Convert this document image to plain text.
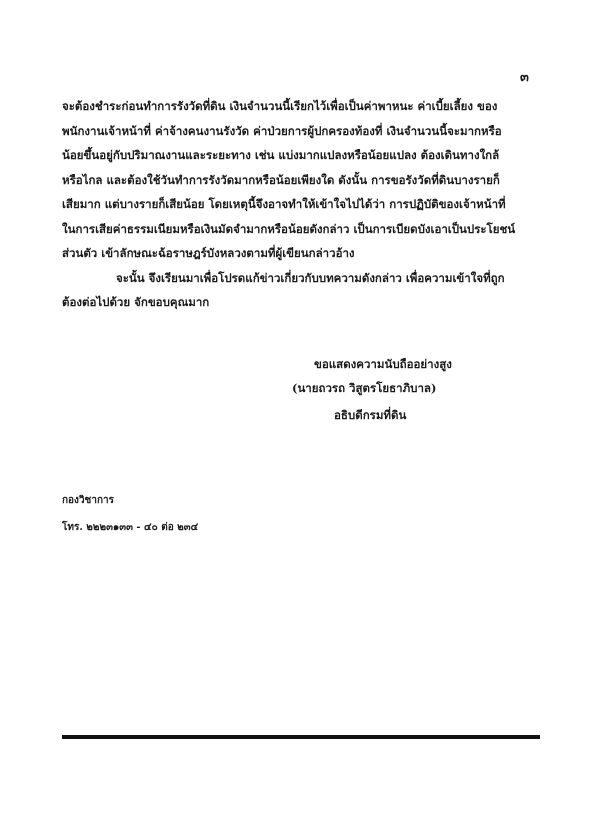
๓
จะต้องชำระก่อนทำการรังวัดที่ดิน เงินจำนวนนี้เรียกไว้เพื่อเป็นค่าพาหนะ ค่าเบี้ยเลี้ยง ของ
พนักงานเจ้าหน้าที่ ค่าจ้างคนงานรังวัด ค่าป่วยการผู้ปกครองท้องที่ เงินจำนวนนี้จะมากหรือ
น้อยขึ้นอยู่กับปริมาณงานและระยะทาง เช่น แบ่งมากแปลงหรือน้อยแปลง ต้องเดินทางใกล้
หรือไกล และต้องใช้วันทำการรังวัดมากหรือน้อยเพียงใด ดังนั้น การขอรังวัดที่ดินบางรายก็
เสียมาก แต่บางรายก็เสียน้อย โดยเหตุนี้จึงอาจทำให้เข้าใจไปได้ว่า การปฏิบัติของเจ้าหน้าที่
ในการเสียค่าธรรมเนียมหรือเงินมัดจำมากหรือน้อยดังกล่าว เป็นการเบียดบังเอาเป็นประโยชน์
ส่วนตัว เข้าลักษณะฉ้อราษฎร์บังหลวงตามที่ผู้เขียนกล่าวอ้าง
จะนั้น จึงเรียนมาเพื่อโปรดแก้ข่าวเกี่ยวกับบทความดังกล่าว เพื่อความเข้าใจที่ถูก
ต้องต่อไปด้วย จักขอบคุณมาก
ขอแสดงความนับถืออย่างสูง
(นายถวรถ วิสูตรโยธาภิบาล)
อธิบดีกรมที่ดิน
กองวิชาการ
โทร. ๒๒๒๓๑๓๓ - ๔๐ ต่อ ๒๓๔
